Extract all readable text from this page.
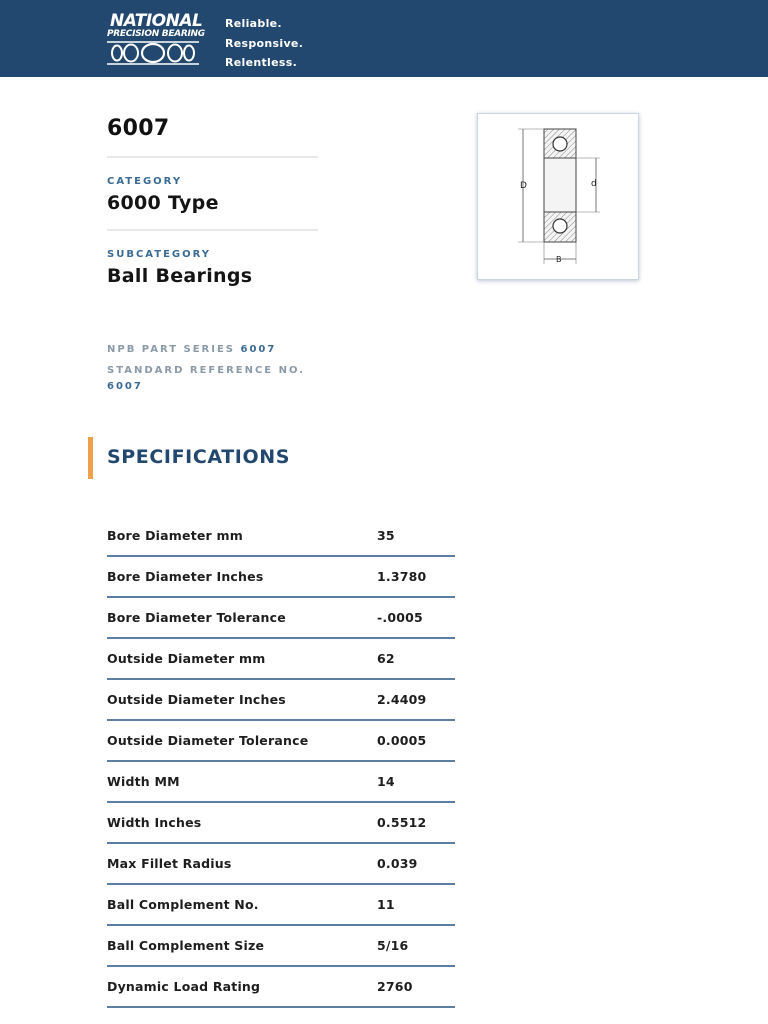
NATIONAL
PRECISION BEARING
Reliable.
Responsive.
Relentless.
6007
CATEGORY
6000 Type
SUBCATEGORY
Ball Bearings
NPB PART SERIES 6007
STANDARD REFERENCE NO.
6007
D	d
B
SPECIFICATIONS
Bore Diameter mm	35
Bore Diameter Inches	1.3780
Bore Diameter Tolerance	-.0005
Outside Diameter mm	62
Outside Diameter Inches	2.4409
Outside Diameter Tolerance	0.0005
Width MM	14
Width Inches	0.5512
Max Fillet Radius	0.039
Ball Complement No.	11
Ball Complement Size	5/16
Dynamic Load Rating	2760
